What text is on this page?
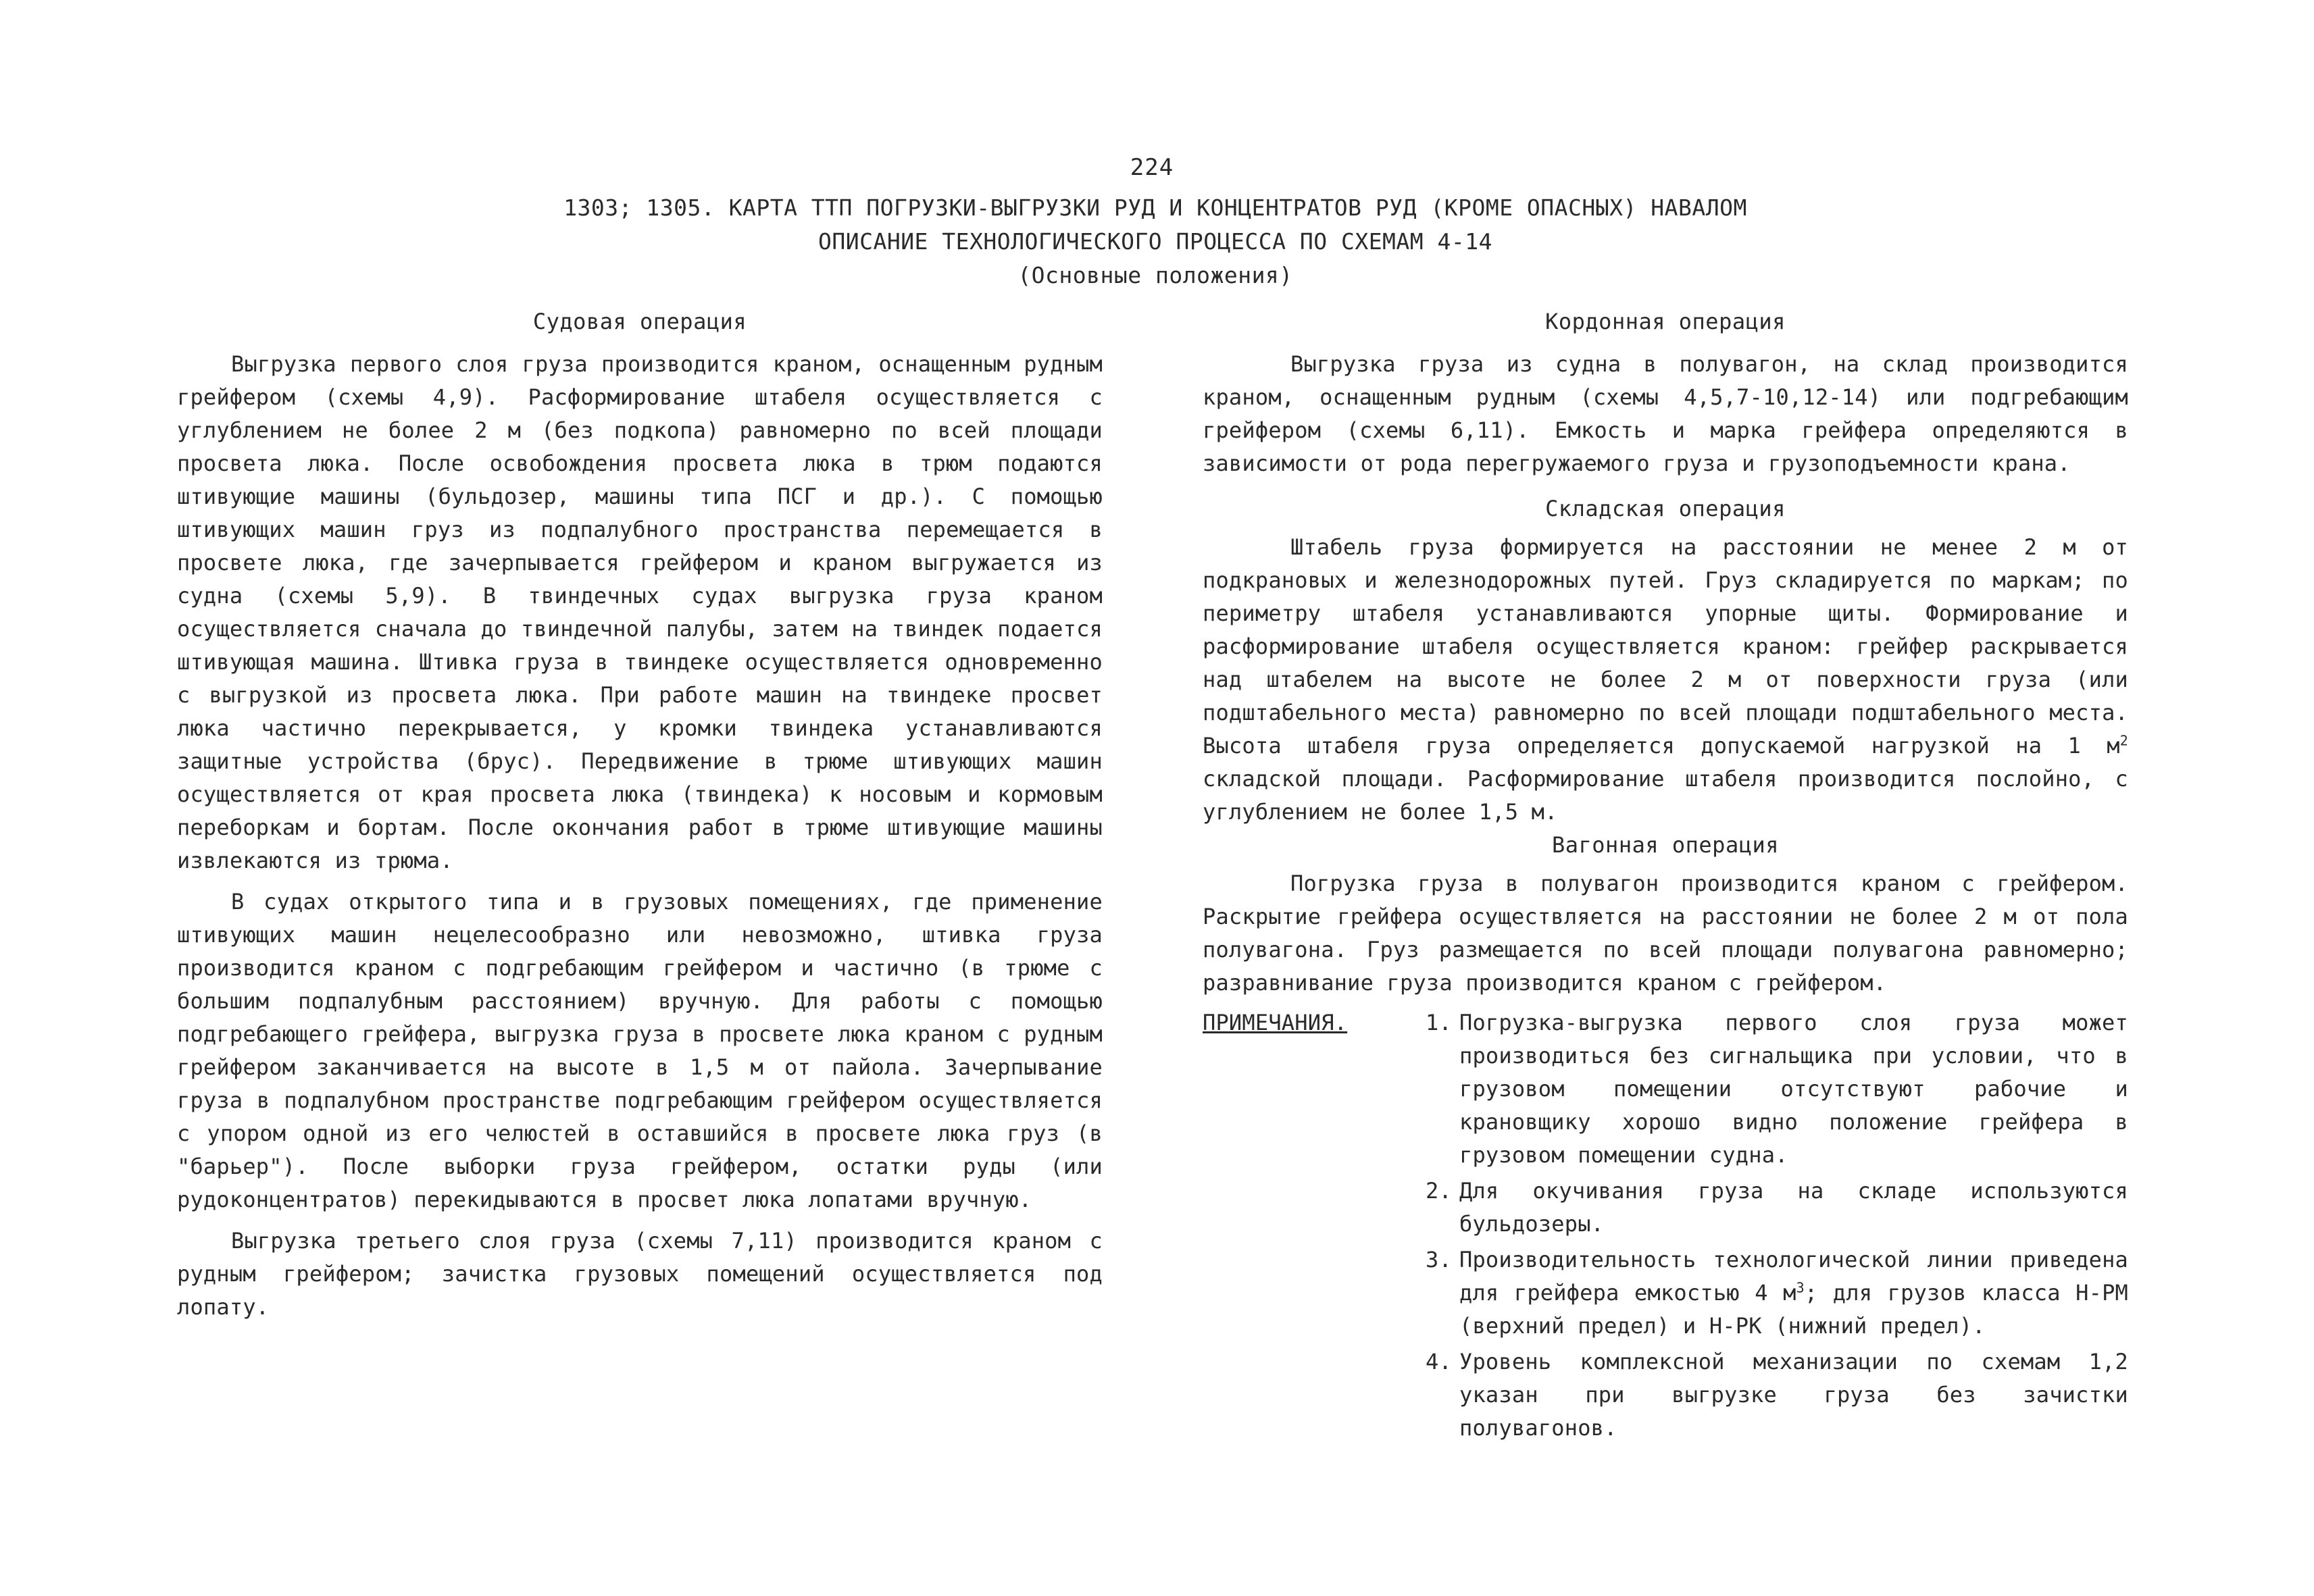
224
1303; 1305. КАРТА ТТП ПОГРУЗКИ-ВЫГРУЗКИ РУД И КОНЦЕНТРАТОВ РУД (КРОМЕ ОПАСНЫХ) НАВАЛОМ
ОПИСАНИЕ ТЕХНОЛОГИЧЕСКОГО ПРОЦЕССА ПО СХЕМАМ 4-14
(Основные положения)
Судовая операция

Выгрузка первого слоя груза производится краном, оснащенным рудным грейфером (схемы 4,9). Расформирование штабеля осуществляется с углублением не более 2 м (без подкопа) равномерно по всей площади просвета люка. После освобождения просвета люка в трюм подаются штивующие машины (бульдозер, машины типа ПСГ и др.). С помощью штивующих машин груз из подпалубного пространства перемещается в просвете люка, где зачерпывается грейфером и краном выгружается из судна (схемы 5,9). В твиндечных судах выгрузка груза краном осуществляется сначала до твиндечной палубы, затем на твиндек подается штивующая машина. Штивка груза в твиндеке осуществляется одновременно с выгрузкой из просвета люка. При работе машин на твиндеке просвет люка частично перекрывается, у кромки твиндека устанавливаются защитные устройства (брус). Передвижение в трюме штивующих машин осуществляется от края просвета люка (твиндека) к носовым и кормовым переборкам и бортам. После окончания работ в трюме штивующие машины извлекаются из трюма.

В судах открытого типа и в грузовых помещениях, где применение штивующих машин нецелесообразно или невозможно, штивка груза производится краном с подгребающим грейфером и частично (в трюме с большим подпалубным расстоянием) вручную. Для работы с помощью подгребающего грейфера, выгрузка груза в просвете люка краном с рудным грейфером заканчивается на высоте в 1,5 м от пайола. Зачерпывание груза в подпалубном пространстве подгребающим грейфером осуществляется с упором одной из его челюстей в оставшийся в просвете люка груз (в "барьер"). После выборки груза грейфером, остатки руды (или рудоконцентратов) перекидываются в просвет люка лопатами вручную.

Выгрузка третьего слоя груза (схемы 7,11) производится краном с рудным грейфером; зачистка грузовых помещений осуществляется под лопату.

Кордонная операция

Выгрузка груза из судна в полувагон, на склад производится краном, оснащенным рудным (схемы 4,5,7-10,12-14) или подгребающим грейфером (схемы 6,11). Емкость и марка грейфера определяются в зависимости от рода перегружаемого груза и грузоподъемности крана.

Складская операция

Штабель груза формируется на расстоянии не менее 2 м от подкрановых и железнодорожных путей. Груз складируется по маркам; по периметру штабеля устанавливаются упорные щиты. Формирование и расформирование штабеля осуществляется краном: грейфер раскрывается над штабелем на высоте не более 2 м от поверхности груза (или подштабельного места) равномерно по всей площади подштабельного места. Высота штабеля груза определяется допускаемой нагрузкой на 1 $м^2$ складской площади. Расформирование штабеля производится послойно, с углублением не более 1,5 м.

Вагонная операция

Погрузка груза в полувагон производится краном с грейфером. Раскрытие грейфера осуществляется на расстоянии не более 2 м от пола полувагона. Груз размещается по всей площади полувагона равномерно; разравнивание груза производится краном с грейфером.

ПРИМЕЧАНИЯ.	1. Погрузка-выгрузка первого слоя груза может производиться без сигнальщика при условии, что в грузовом помещении отсутствуют рабочие и крановщику хорошо видно положение грейфера в грузовом помещении судна.
2. Для окучивания груза на складе используются бульдозеры.
3. Производительность технологической линии приведена для грейфера емкостью 4 $м^3$; для грузов класса Н-РМ (верхний предел) и Н-РК (нижний предел).
4. Уровень комплексной механизации по схемам 1,2 указан при выгрузке груза без зачистки полувагонов.
